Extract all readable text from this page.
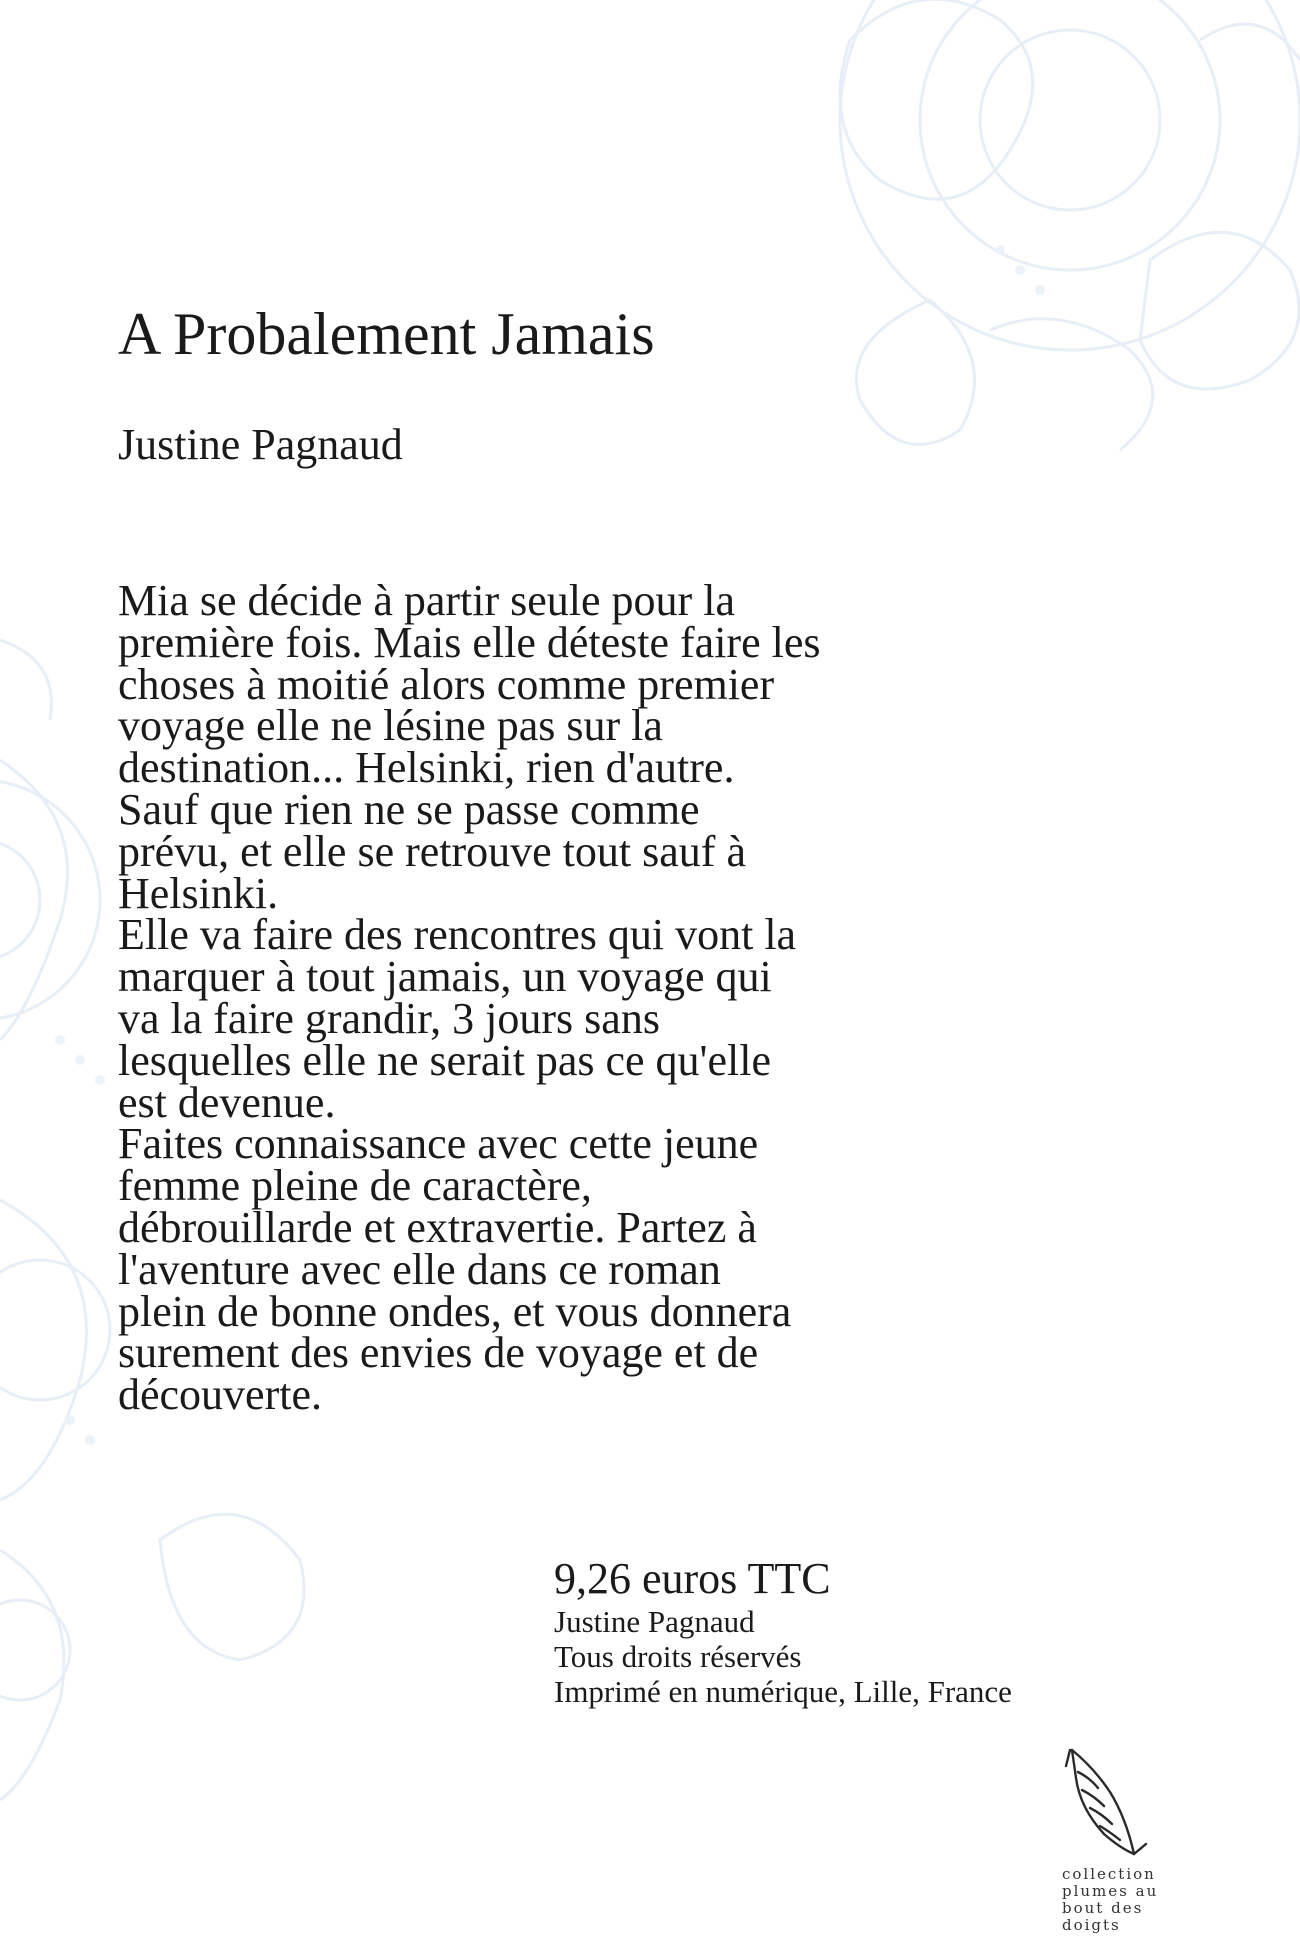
A Probalement Jamais
Justine Pagnaud
Mia se décide à partir seule pour la
première fois. Mais elle déteste faire les
choses à moitié alors comme premier
voyage elle ne lésine pas sur la
destination... Helsinki, rien d'autre.
Sauf que rien ne se passe comme
prévu, et elle se retrouve tout sauf à
Helsinki.
Elle va faire des rencontres qui vont la
marquer à tout jamais, un voyage qui
va la faire grandir, 3 jours sans
lesquelles elle ne serait pas ce qu'elle
est devenue.
Faites connaissance avec cette jeune
femme pleine de caractère,
débrouillarde et extravertie. Partez à
l'aventure avec elle dans ce roman
plein de bonne ondes, et vous donnera
surement des envies de voyage et de
découverte.
9,26 euros TTC
Justine Pagnaud
Tous droits réservés
Imprimé en numérique, Lille, France
collection
plumes au
bout des
doigts
